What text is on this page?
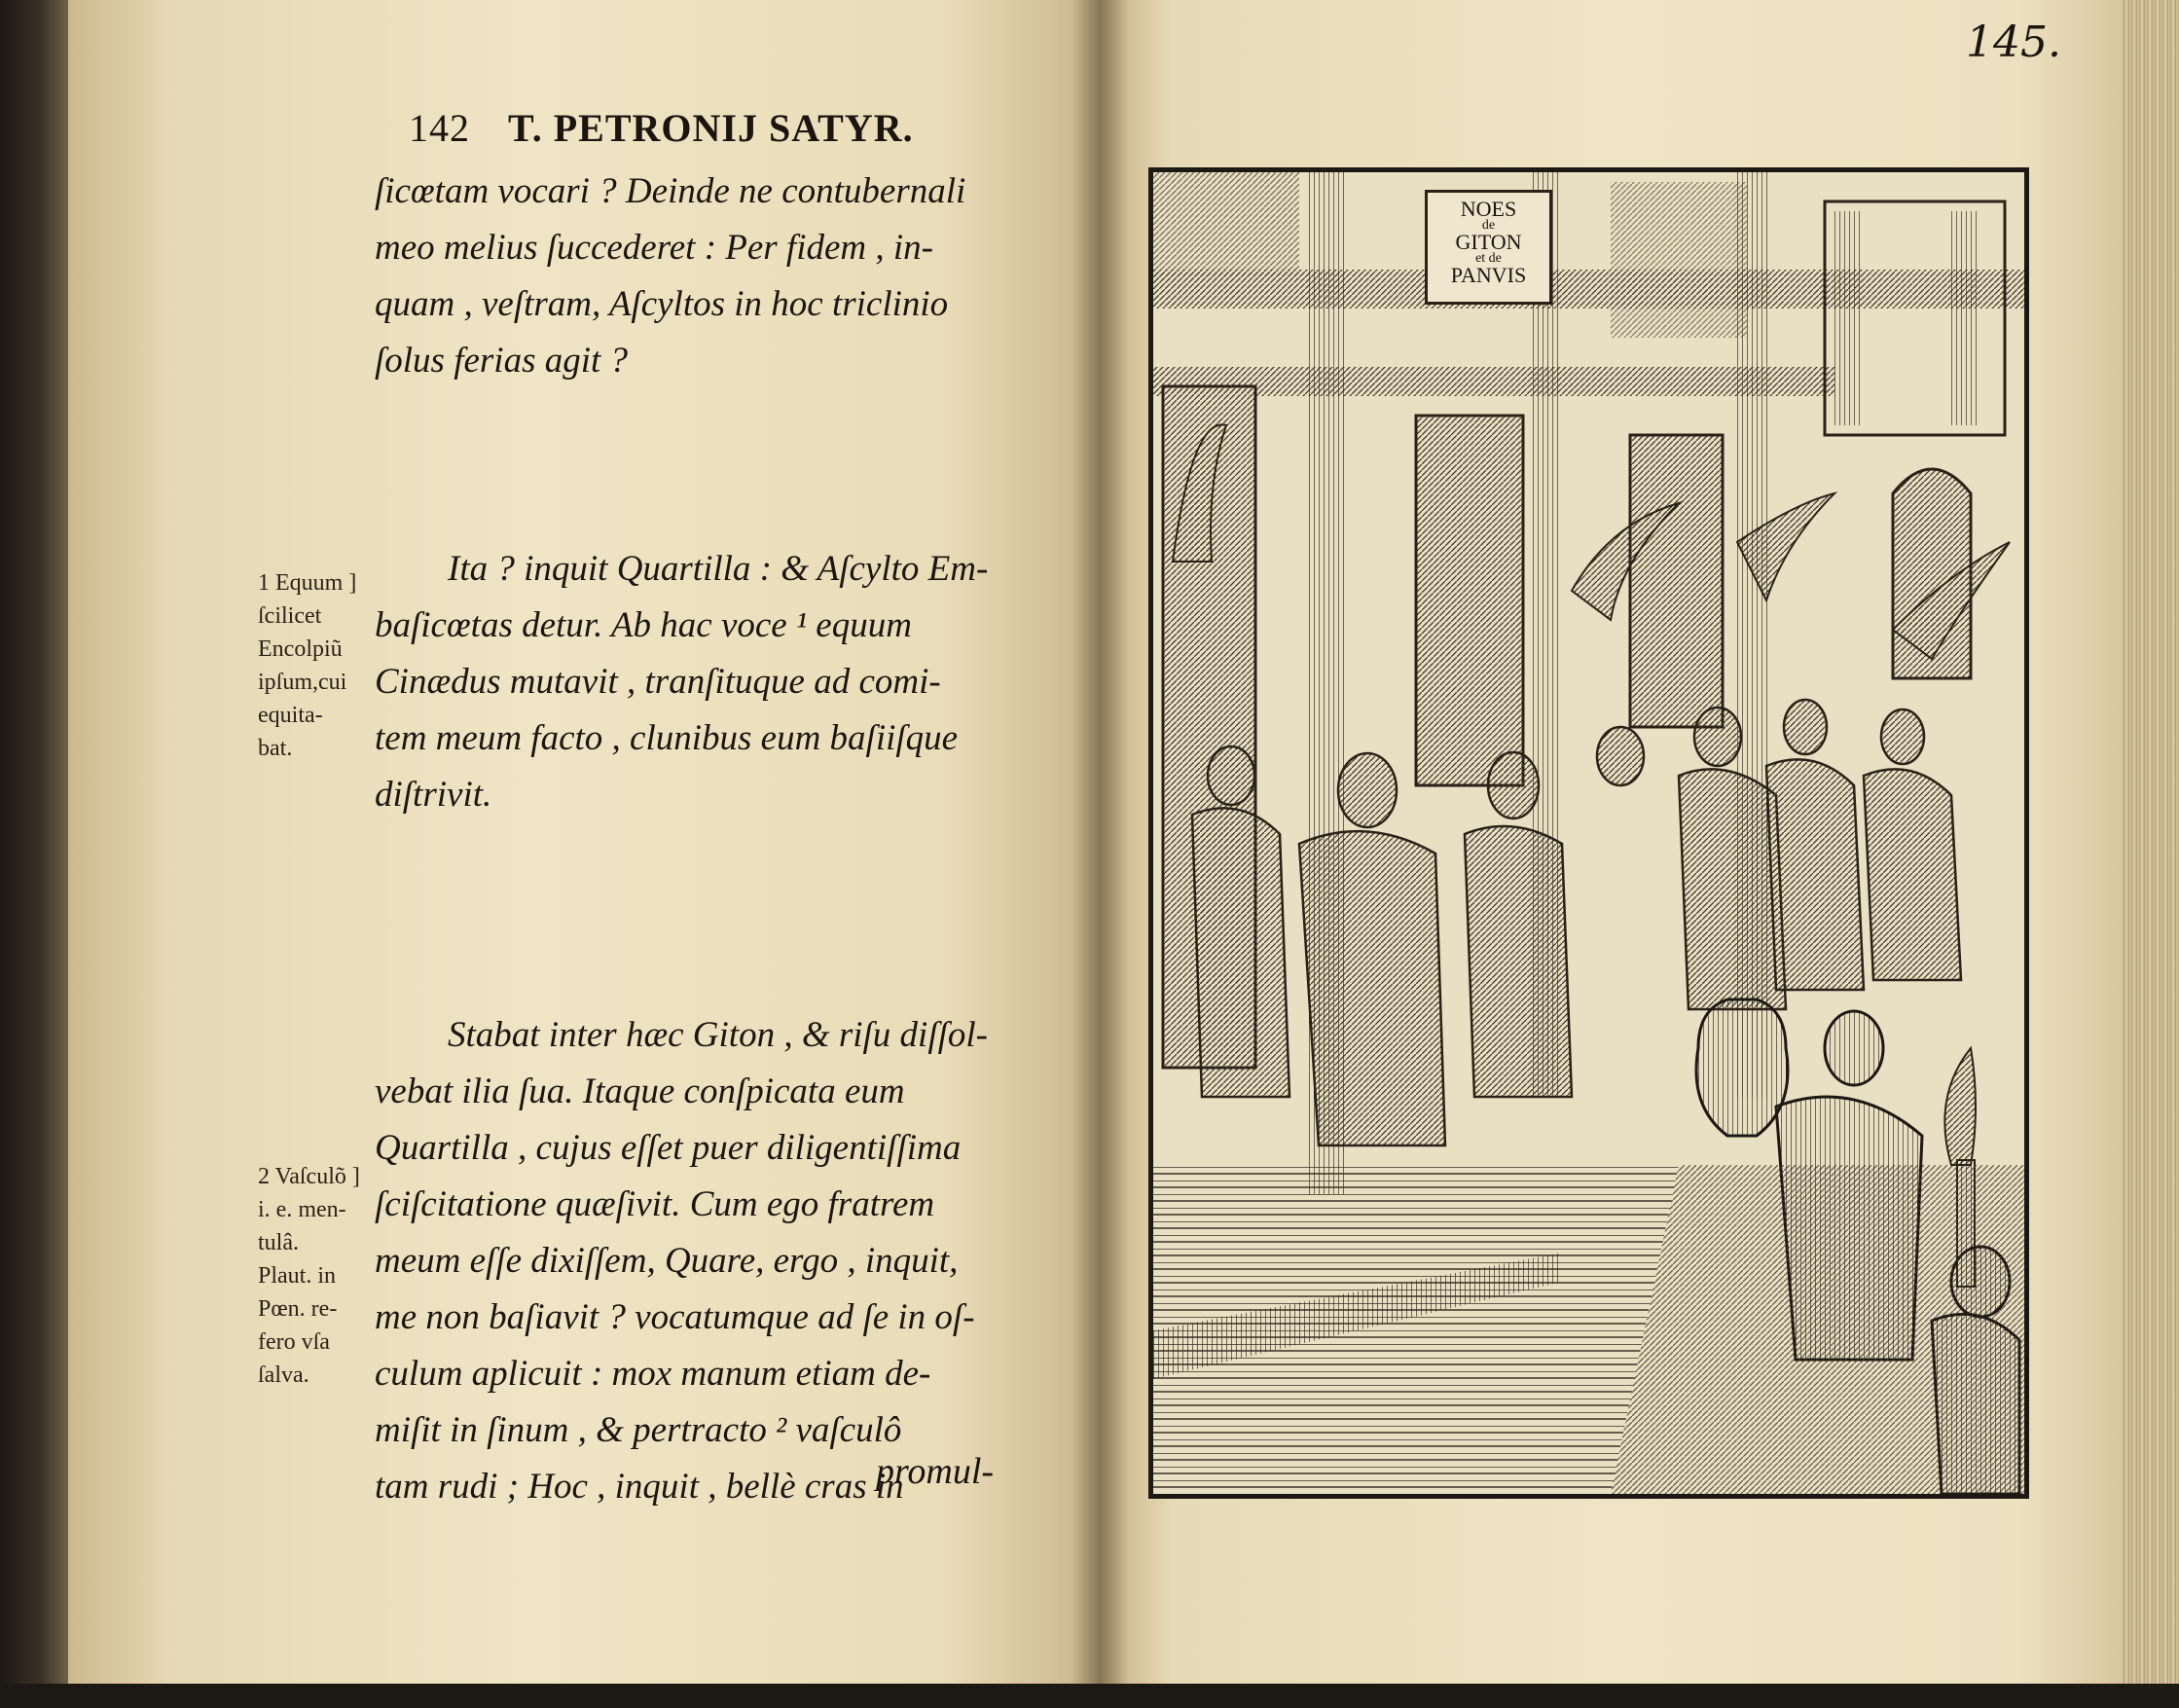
142 T. PETRONIJ SATYR.
ſicœtam vocari ? Deinde ne contubernali
meo melius ſuccederet : Per fidem , in-
quam , veſtram, Aſcyltos in hoc triclinio
ſolus ferias agit ?
Ita ? inquit Quartilla : & Aſcylto Em-
baſicœtas detur. Ab hac voce ¹ equum
Cinædus mutavit , tranſituque ad comi-
tem meum facto , clunibus eum baſiiſque
diſtrivit.
Stabat inter hæc Giton , & riſu diſſol-
vebat ilia ſua. Itaque conſpicata eum
Quartilla , cujus eſſet puer diligentiſſima
ſciſcitatione quæſivit. Cum ego fratrem
meum eſſe dixiſſem, Quare, ergo , inquit,
me non baſiavit ? vocatumque ad ſe in oſ-
culum aplicuit : mox manum etiam de-
miſit in ſinum , & pertracto ² vaſculô
tam rudi ; Hoc , inquit , bellè cras in
promul-
1 Equum ]
ſcilicet
Encolpiũ
ipſum,cui
equita-
bat.
2 Vaſculõ ]
i. e. men-
tulâ.
Plaut. in
Pœn. re-
fero vſa
ſalva.
145.
NOES
de
GITON
et de
PANVIS
